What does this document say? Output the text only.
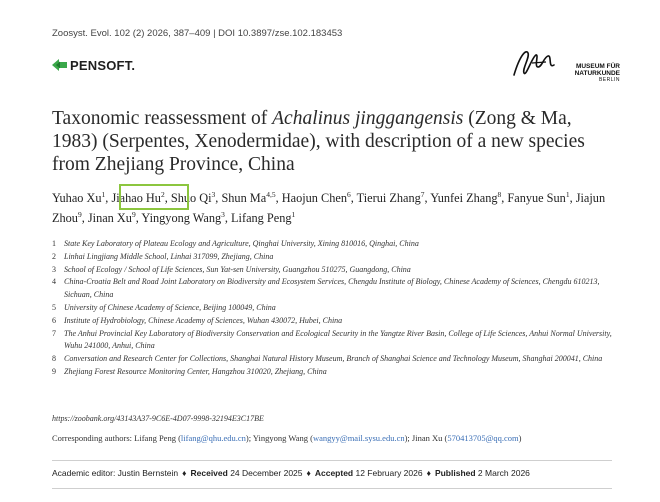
Zoosyst. Evol. 102 (2) 2026, 387–409 | DOI 10.3897/zse.102.183453
PENSOFT.	MUSEUM FÜR
NATURKUNDE
BERLIN
Taxonomic reassessment of Achalinus jinggangensis (Zong & Ma, 1983) (Serpentes, Xenodermidae), with description of a new species from Zhejiang Province, China
Yuhao Xu$^1$, Jiahao Hu$^2$, Shuo Qi$^3$, Shun Ma$^{4,5}$, Haojun Chen$^6$, Tierui Zhang$^7$, Yunfei Zhang$^8$, Fanyue Sun$^1$, Jiajun Zhou$^9$, Jinan Xu$^9$, Yingyong Wang$^3$, Lifang Peng$^1$
1	State Key Laboratory of Plateau Ecology and Agriculture, Qinghai University, Xining 810016, Qinghai, China
2	Linhai Lingjiang Middle School, Linhai 317099, Zhejiang, China
3	School of Ecology / School of Life Sciences, Sun Yat-sen University, Guangzhou 510275, Guangdong, China
4	China-Croatia Belt and Road Joint Laboratory on Biodiversity and Ecosystem Services, Chengdu Institute of Biology, Chinese Academy of Sciences, Chengdu 610213, Sichuan, China
5	University of Chinese Academy of Science, Beijing 100049, China
6	Institute of Hydrobiology, Chinese Academy of Sciences, Wuhan 430072, Hubei, China
7	The Anhui Provincial Key Laboratory of Biodiversity Conservation and Ecological Security in the Yangtze River Basin, College of Life Sciences, Anhui Normal University, Wuhu 241000, Anhui, China
8	Conversation and Research Center for Collections, Shanghai Natural History Museum, Branch of Shanghai Science and Technology Museum, Shanghai 200041, China
9	Zhejiang Forest Resource Monitoring Center, Hangzhou 310020, Zhejiang, China
https://zoobank.org/43143A37-9C6E-4D07-9998-32194E3C17BE
Corresponding authors: Lifang Peng (lifang@qhu.edu.cn); Yingyong Wang (wangyy@mail.sysu.edu.cn); Jinan Xu (570413705@qq.com)
Academic editor: Justin Bernstein ♦ Received 24 December 2025 ♦ Accepted 12 February 2026 ♦ Published 2 March 2026
